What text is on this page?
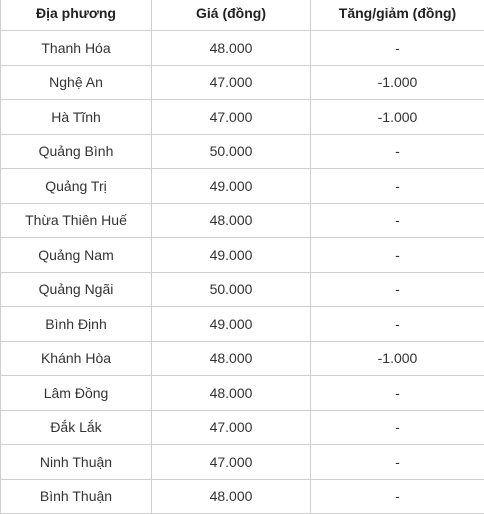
Địa phương	Giá (đồng)	Tăng/giảm (đồng)
Thanh Hóa	48.000	-
Nghệ An	47.000	-1.000
Hà Tĩnh	47.000	-1.000
Quảng Bình	50.000	-
Quảng Trị	49.000	-
Thừa Thiên Huế	48.000	-
Quảng Nam	49.000	-
Quảng Ngãi	50.000	-
Bình Định	49.000	-
Khánh Hòa	48.000	-1.000
Lâm Đồng	48.000	-
Đắk Lắk	47.000	-
Ninh Thuận	47.000	-
Bình Thuận	48.000	-
